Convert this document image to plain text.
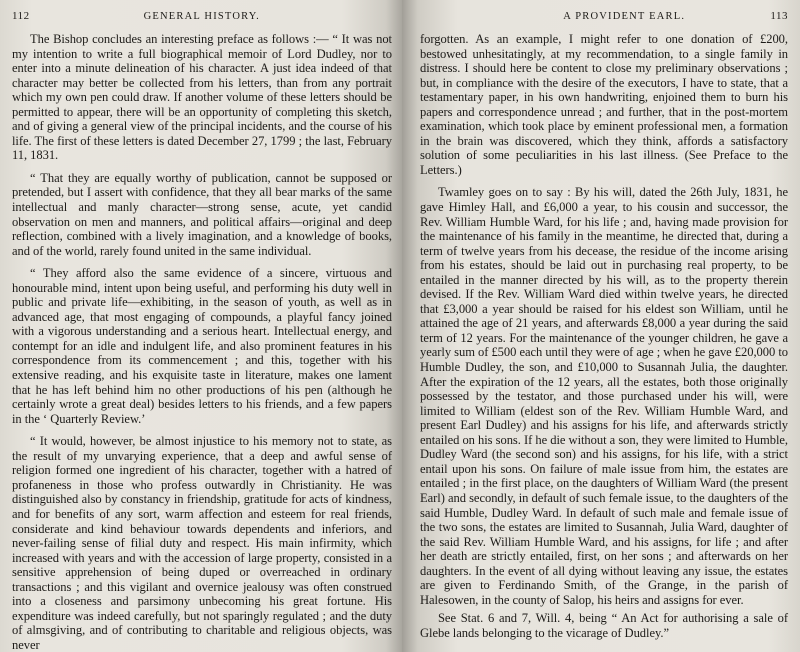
112	GENERAL HISTORY.

The Bishop concludes an interesting preface as follows :— “ It was not my intention to write a full biographical memoir of Lord Dudley, nor to enter into a minute delineation of his character. A just idea indeed of that character may better be collected from his letters, than from any portrait which my own pen could draw. If another volume of these letters should be permitted to appear, there will be an opportunity of completing this sketch, and of giving a general view of the principal incidents, and the course of his life. The first of these letters is dated December 27, 1799 ; the last, February 11, 1831.

“ That they are equally worthy of publication, cannot be supposed or pretended, but I assert with confidence, that they all bear marks of the same intellectual and manly character—strong sense, acute, yet candid observation on men and manners, and political affairs—original and deep reflection, combined with a lively imagination, and a knowledge of books, and of the world, rarely found united in the same individual.

“ They afford also the same evidence of a sincere, virtuous and honourable mind, intent upon being useful, and performing his duty well in public and private life—exhibiting, in the season of youth, as well as in advanced age, that most engaging of compounds, a playful fancy joined with a vigorous understanding and a serious heart. Intellectual energy, and contempt for an idle and indulgent life, and also prominent features in his correspondence from its commencement ; and this, together with his extensive reading, and his exquisite taste in literature, makes one lament that he has left behind him no other productions of his pen (although he certainly wrote a great deal) besides letters to his friends, and a few papers in the ‘ Quarterly Review.’

“ It would, however, be almost injustice to his memory not to state, as the result of my unvarying experience, that a deep and awful sense of religion formed one ingredient of his character, together with a hatred of profaneness in those who profess outwardly in Christianity. He was distinguished also by constancy in friendship, gratitude for acts of kindness, and for benefits of any sort, warm affection and esteem for real friends, considerate and kind behaviour towards dependents and inferiors, and never-failing sense of filial duty and respect. His main infirmity, which increased with years and with the accession of large property, consisted in a sensitive apprehension of being duped or overreached in ordinary transactions ; and this vigilant and overnice jealousy was often construed into a closeness and parsimony unbecoming his great fortune. His expenditure was indeed carefully, but not sparingly regulated ; and the duty of almsgiving, and of contributing to charitable and religious objects, was never

A PROVIDENT EARL.	113

forgotten. As an example, I might refer to one donation of £200, bestowed unhesitatingly, at my recommendation, to a single family in distress. I should here be content to close my preliminary observations ; but, in compliance with the desire of the executors, I have to state, that a testamentary paper, in his own handwriting, enjoined them to burn his papers and correspondence unread ; and further, that in the post-mortem examination, which took place by eminent professional men, a formation in the brain was discovered, which they think, affords a satisfactory solution of some peculiarities in his last illness. (See Preface to the Letters.)

Twamley goes on to say : By his will, dated the 26th July, 1831, he gave Himley Hall, and £6,000 a year, to his cousin and successor, the Rev. William Humble Ward, for his life ; and, having made provision for the maintenance of his family in the meantime, he directed that, during a term of twelve years from his decease, the residue of the income arising from his estates, should be laid out in purchasing real property, to be entailed in the manner directed by his will, as to the property therein devised. If the Rev. William Ward died within twelve years, he directed that £3,000 a year should be raised for his eldest son William, until he attained the age of 21 years, and afterwards £8,000 a year during the said term of 12 years. For the maintenance of the younger children, he gave a yearly sum of £500 each until they were of age ; when he gave £20,000 to Humble Dudley, the son, and £10,000 to Susannah Julia, the daughter. After the expiration of the 12 years, all the estates, both those originally possessed by the testator, and those purchased under his will, were limited to William (eldest son of the Rev. William Humble Ward, and present Earl Dudley) and his assigns for his life, and afterwards strictly entailed on his sons. If he die without a son, they were limited to Humble, Dudley Ward (the second son) and his assigns, for his life, with a strict entail upon his sons. On failure of male issue from him, the estates are entailed ; in the first place, on the daughters of William Ward (the present Earl) and secondly, in default of such female issue, to the daughters of the said Humble, Dudley Ward. In default of such male and female issue of the two sons, the estates are limited to Susannah, Julia Ward, daughter of the said Rev. William Humble Ward, and his assigns, for life ; and after her death are strictly entailed, first, on her sons ; and afterwards on her daughters. In the event of all dying without leaving any issue, the estates are given to Ferdinando Smith, of the Grange, in the parish of Halesowen, in the county of Salop, his heirs and assigns for ever.

See Stat. 6 and 7, Will. 4, being “ An Act for authorising a sale of Glebe lands belonging to the vicarage of Dudley.”
